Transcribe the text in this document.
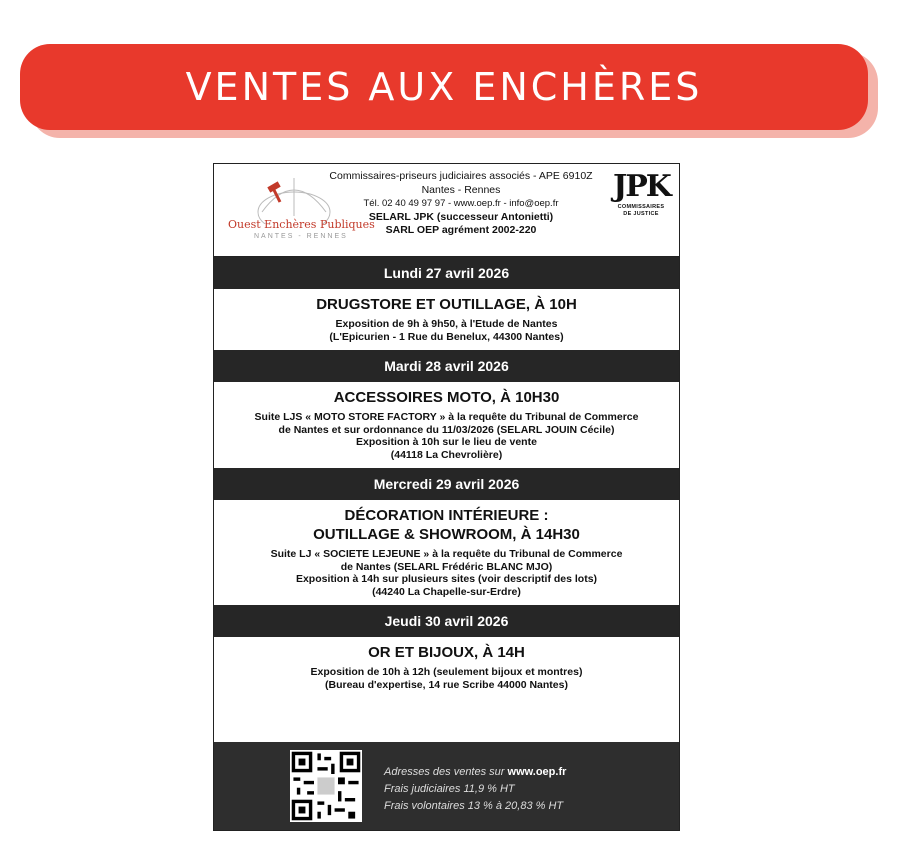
VENTES AUX ENCHÈRES
Ouest Enchères Publiques
NANTES - RENNES
Commissaires-priseurs judiciaires associés - APE 6910Z
Nantes - Rennes
Tél. 02 40 49 97 97 - www.oep.fr - info@oep.fr
SELARL JPK (successeur Antonietti)
SARL OEP agrément 2002-220
JPK
COMMISSAIRES
DE JUSTICE
Lundi 27 avril 2026
DRUGSTORE ET OUTILLAGE, À 10H
Exposition de 9h à 9h50, à l'Etude de Nantes
(L'Epicurien - 1 Rue du Benelux, 44300 Nantes)
Mardi 28 avril 2026
ACCESSOIRES MOTO, À 10H30
Suite LJS « MOTO STORE FACTORY » à la requête du Tribunal de Commerce
de Nantes et sur ordonnance du 11/03/2026 (SELARL JOUIN Cécile)
Exposition à 10h sur le lieu de vente
(44118 La Chevrolière)
Mercredi 29 avril 2026
DÉCORATION INTÉRIEURE :
OUTILLAGE & SHOWROOM, À 14H30
Suite LJ « SOCIETE LEJEUNE » à la requête du Tribunal de Commerce
de Nantes (SELARL Frédéric BLANC MJO)
Exposition à 14h sur plusieurs sites (voir descriptif des lots)
(44240 La Chapelle-sur-Erdre)
Jeudi 30 avril 2026
OR ET BIJOUX, À 14H
Exposition de 10h à 12h (seulement bijoux et montres)
(Bureau d'expertise, 14 rue Scribe 44000 Nantes)
Adresses des ventes sur www.oep.fr
Frais judiciaires 11,9 % HT
Frais volontaires 13 % à 20,83 % HT
